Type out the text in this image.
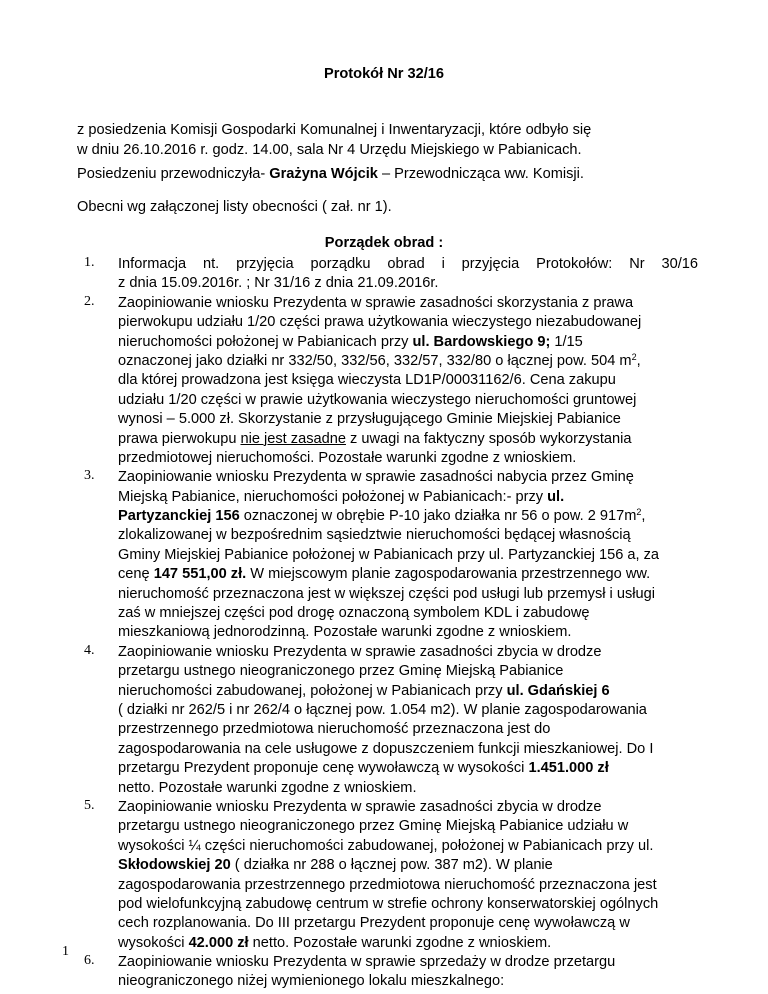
Protokół Nr 32/16
z posiedzenia Komisji Gospodarki Komunalnej i Inwentaryzacji, które odbyło się
w dniu 26.10.2016 r. godz. 14.00, sala Nr 4 Urzędu Miejskiego w Pabianicach.
Posiedzeniu przewodniczyła- Grażyna Wójcik – Przewodnicząca ww. Komisji.
Obecni wg załączonej listy obecności ( zał. nr 1).
Porządek obrad :
1. Informacja nt. przyjęcia porządku obrad i przyjęcia Protokołów: Nr 30/16
z dnia 15.09.2016r. ; Nr 31/16 z dnia 21.09.2016r.
2. Zaopiniowanie wniosku Prezydenta w sprawie zasadności skorzystania z prawa
pierwokupu udziału 1/20 części prawa użytkowania wieczystego niezabudowanej
nieruchomości położonej w Pabianicach przy ul. Bardowskiego 9; 1/15
oznaczonej jako działki nr 332/50, 332/56, 332/57, 332/80 o łącznej pow. 504 $m^2$,
dla której prowadzona jest księga wieczysta LD1P/00031162/6. Cena zakupu
udziału 1/20 części w prawie użytkowania wieczystego nieruchomości gruntowej
wynosi – 5.000 zł. Skorzystanie z przysługującego Gminie Miejskiej Pabianice
prawa pierwokupu nie jest zasadne z uwagi na faktyczny sposób wykorzystania
przedmiotowej nieruchomości. Pozostałe warunki zgodne z wnioskiem.
3. Zaopiniowanie wniosku Prezydenta w sprawie zasadności nabycia przez Gminę
Miejską Pabianice, nieruchomości położonej w Pabianicach:- przy ul.
Partyzanckiej 156 oznaczonej w obrębie P-10 jako działka nr 56 o pow. 2 $917m^2$,
zlokalizowanej w bezpośrednim sąsiedztwie nieruchomości będącej własnością
Gminy Miejskiej Pabianice położonej w Pabianicach przy ul. Partyzanckiej 156 a, za
cenę 147 551,00 zł. W miejscowym planie zagospodarowania przestrzennego ww.
nieruchomość przeznaczona jest w większej części pod usługi lub przemysł i usługi
zaś w mniejszej części pod drogę oznaczoną symbolem KDL i zabudowę
mieszkaniową jednorodzinną. Pozostałe warunki zgodne z wnioskiem.
4. Zaopiniowanie wniosku Prezydenta w sprawie zasadności zbycia w drodze
przetargu ustnego nieograniczonego przez Gminę Miejską Pabianice
nieruchomości zabudowanej, położonej w Pabianicach przy ul. Gdańskiej 6
( działki nr 262/5 i nr 262/4 o łącznej pow. 1.054 m2). W planie zagospodarowania
przestrzennego przedmiotowa nieruchomość przeznaczona jest do
zagospodarowania na cele usługowe z dopuszczeniem funkcji mieszkaniowej. Do I
przetargu Prezydent proponuje cenę wywoławczą w wysokości 1.451.000 zł
netto. Pozostałe warunki zgodne z wnioskiem.
5. Zaopiniowanie wniosku Prezydenta w sprawie zasadności zbycia w drodze
przetargu ustnego nieograniczonego przez Gminę Miejską Pabianice udziału w
wysokości ¼ części nieruchomości zabudowanej, położonej w Pabianicach przy ul.
Skłodowskiej 20 ( działka nr 288 o łącznej pow. 387 m2). W planie
zagospodarowania przestrzennego przedmiotowa nieruchomość przeznaczona jest
pod wielofunkcyjną zabudowę centrum w strefie ochrony konserwatorskiej ogólnych
cech rozplanowania. Do III przetargu Prezydent proponuje cenę wywoławczą w
wysokości 42.000 zł netto. Pozostałe warunki zgodne z wnioskiem.
6. Zaopiniowanie wniosku Prezydenta w sprawie sprzedaży w drodze przetargu
nieograniczonego niżej wymienionego lokalu mieszkalnego:
1
